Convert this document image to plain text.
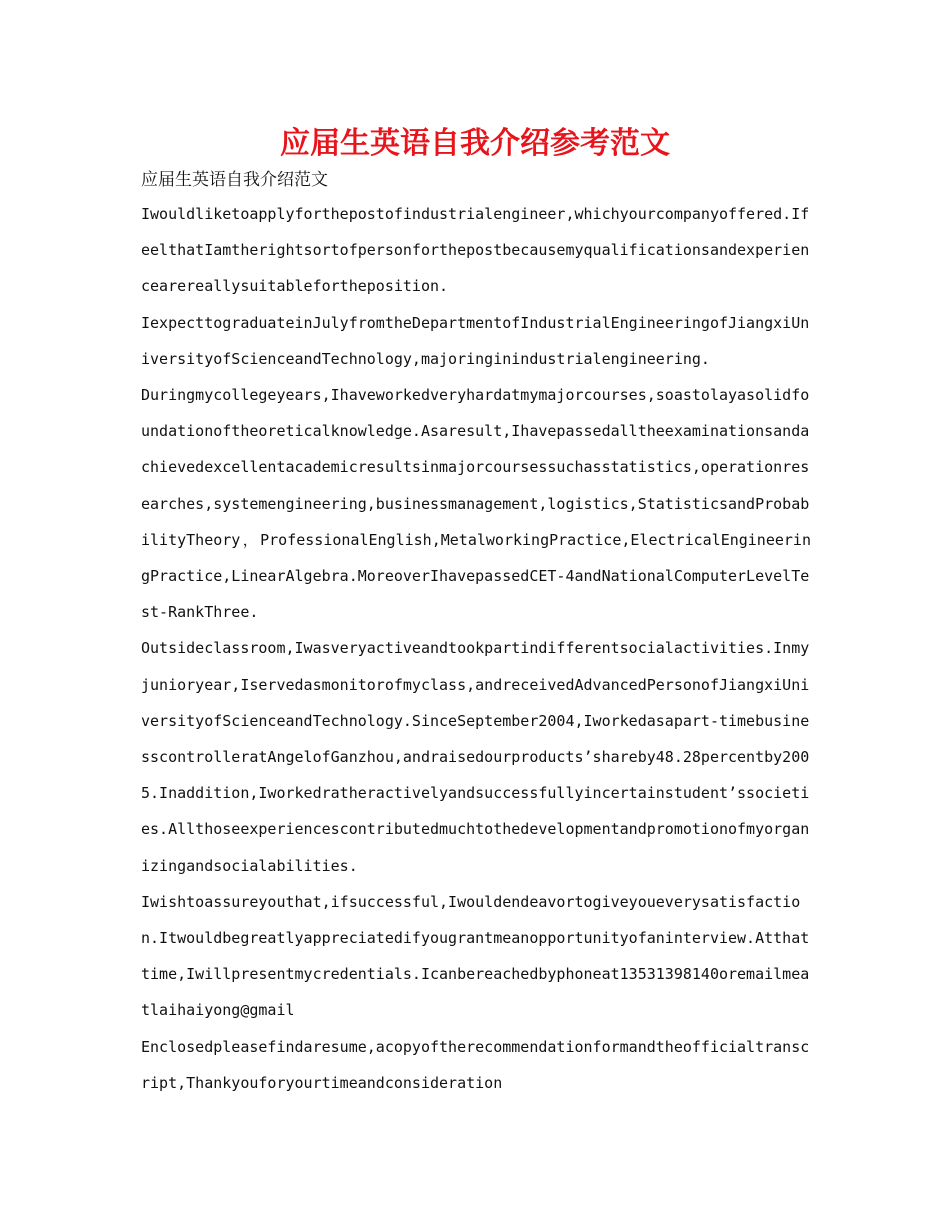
应届生英语自我介绍参考范文
应届生英语自我介绍范文

Iwouldliketoapplyforthepostofindustrialengineer,whichyourcompanyoffered.IfeelthatIamtherightsortofpersonforthepostbecausemyqualificationsandexperiencearereallysuitablefortheposition.

IexpecttograduateinJulyfromtheDepartmentofIndustrialEngineeringofJiangxiUniversityofScienceandTechnology,majoringinindustrialengineering.

Duringmycollegeyears,Ihaveworkedveryhardatmymajorcourses,soastolayasolidfoundationoftheoreticalknowledge.Asaresult,Ihavepassedalltheexaminationsandachievedexcellentacademicresultsinmajorcoursessuchasstatistics,operationresearches,systemengineering,businessmanagement,logistics,StatisticsandProbabilityTheory，ProfessionalEnglish,MetalworkingPractice,ElectricalEngineeringPractice,LinearAlgebra.MoreoverIhavepassedCET-4andNationalComputerLevelTest-RankThree.

Outsideclassroom,Iwasveryactiveandtookpartindifferentsocialactivities.Inmyjunioryear,Iservedasmonitorofmyclass,andreceivedAdvancedPersonofJiangxiUniversityofScienceandTechnology.SinceSeptember2004,Iworkedasapart-timebusinesscontrolleratAngelofGanzhou,andraisedourproducts’shareby48.28percentby2005.Inaddition,Iworkedratheractivelyandsuccessfullyincertainstudent’ssocieties.Allthoseexperiencescontributedmuchtothedevelopmentandpromotionofmyorganizingandsocialabilities.

Iwishtoassureyouthat,ifsuccessful,Iwouldendeavortogiveyoueverysatisfaction.Itwouldbegreatlyappreciatedifyougrantmeanopportunityofaninterview.Atthattime,Iwillpresentmycredentials.Icanbereachedbyphoneat13531398140oremailmeatlaihaiyong@gmail

Enclosedpleasefindaresume,acopyoftherecommendationformandtheofficialtranscript,Thankyouforyourtimeandconsideration
